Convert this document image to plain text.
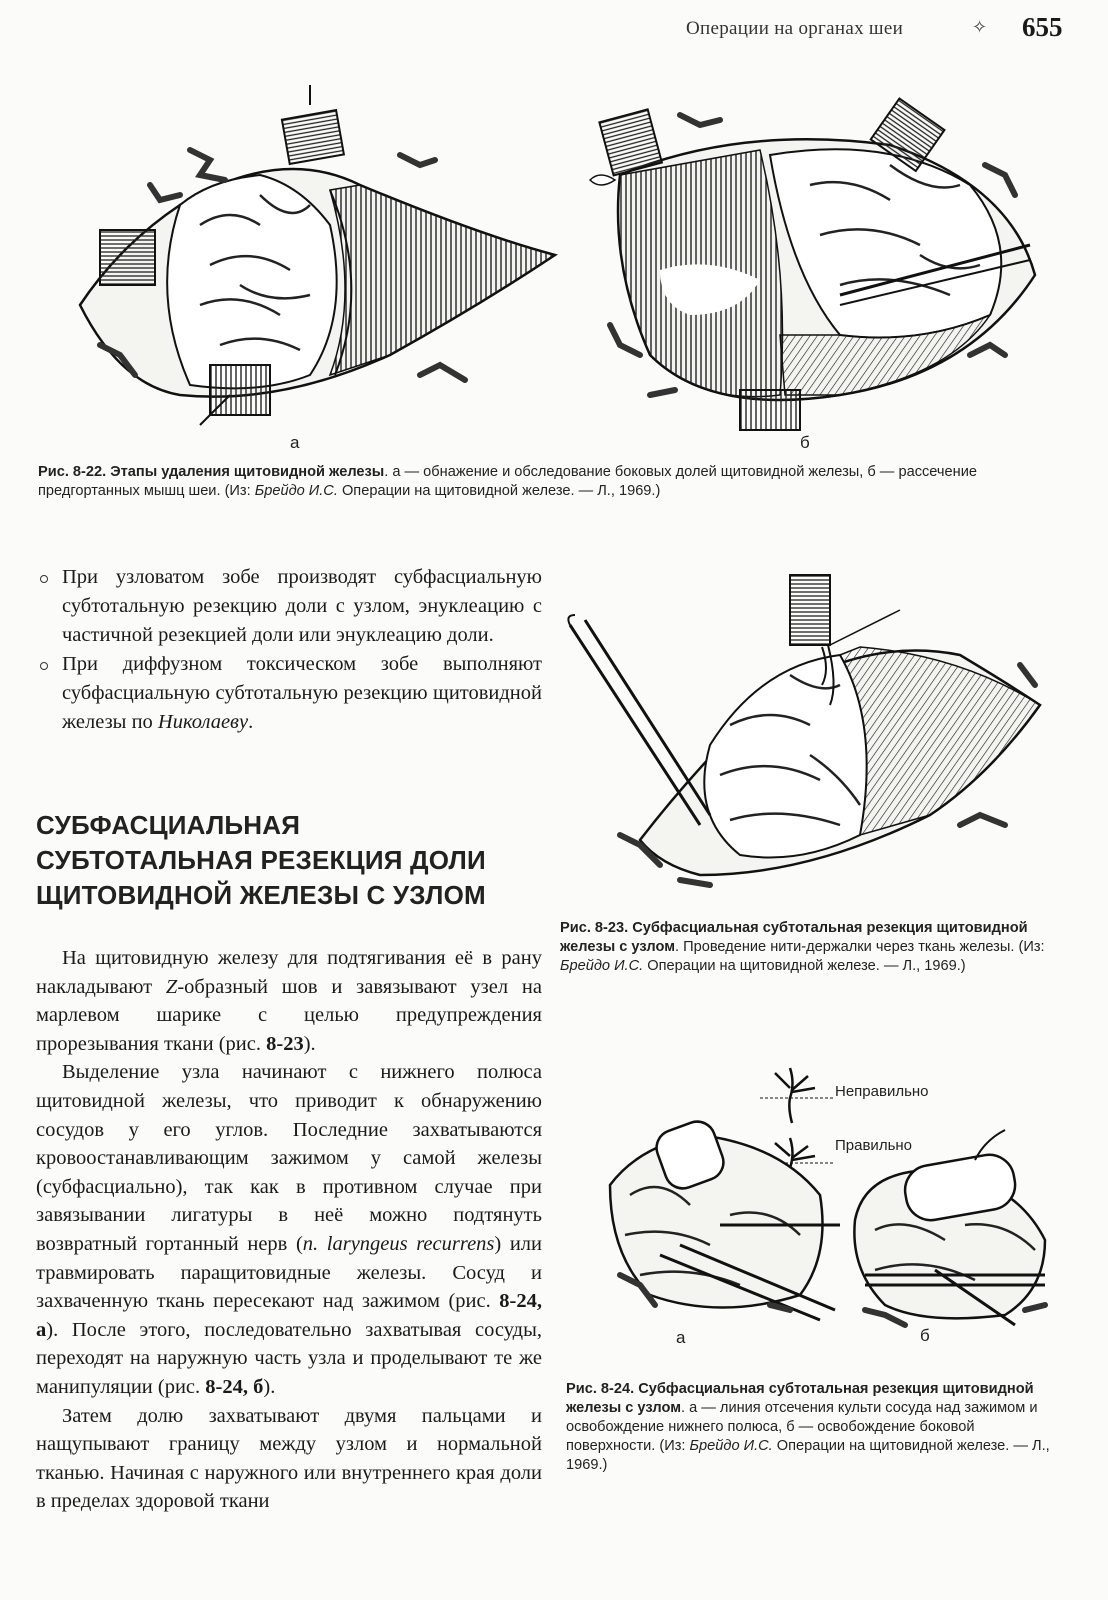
Операции на органах шеи	✧ 655
а	б
Рис. 8-22. Этапы удаления щитовидной железы. а — обнажение и обследование боковых долей щитовидной железы, б — рассечение предгортанных мышц шеи. (Из: Брейдо И.С. Операции на щитовидной железе. — Л., 1969.)
При узловатом зобе производят субфасциальную субтотальную резекцию доли с узлом, энуклеацию с частичной резекцией доли или энуклеацию доли.
При диффузном токсическом зобе выполняют субфасциальную субтотальную резекцию щитовидной железы по Николаеву.
СУБФАСЦИАЛЬНАЯ СУБТОТАЛЬНАЯ РЕЗЕКЦИЯ ДОЛИ ЩИТОВИДНОЙ ЖЕЛЕЗЫ С УЗЛОМ

На щитовидную железу для подтягивания её в рану накладывают Z-образный шов и завязывают узел на марлевом шарике с целью предупреждения прорезывания ткани (рис. 8-23).

Выделение узла начинают с нижнего полюса щитовидной железы, что приводит к обнаружению сосудов у его углов. Последние захватываются кровоостанавливающим зажимом у самой железы (субфасциально), так как в противном случае при завязывании лигатуры в неё можно подтянуть возвратный гортанный нерв (n. laryngeus recurrens) или травмировать паращитовидные железы. Сосуд и захваченную ткань пересекают над зажимом (рис. 8-24, а). После этого, последовательно захватывая сосуды, переходят на наружную часть узла и проделывают те же манипуляции (рис. 8-24, б).

Затем долю захватывают двумя пальцами и нащупывают границу между узлом и нормальной тканью. Начиная с наружного или внутреннего края доли в пределах здоровой ткани

Рис. 8-23. Субфасциальная субтотальная резекция щитовидной железы с узлом. Проведение нити-держалки через ткань железы. (Из: Брейдо И.С. Операции на щитовидной железе. — Л., 1969.)
Неправильно
Правильно
а	б
Рис. 8-24. Субфасциальная субтотальная резекция щитовидной железы с узлом. а — линия отсечения культи сосуда над зажимом и освобождение нижнего полюса, б — освобождение боковой поверхности. (Из: Брейдо И.С. Операции на щитовидной железе. — Л., 1969.)
